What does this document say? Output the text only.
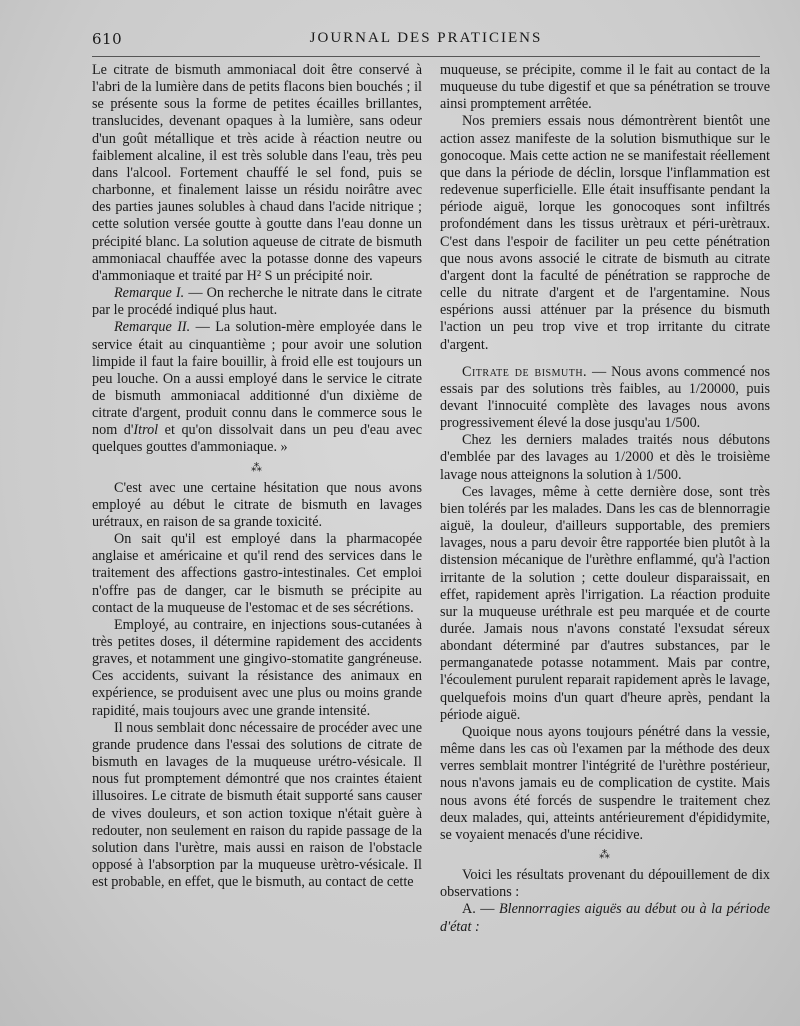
610	JOURNAL DES PRATICIENS

Le citrate de bismuth ammoniacal doit être conservé à l'abri de la lumière dans de petits flacons bien bouchés ; il se présente sous la forme de petites écailles brillantes, translucides, devenant opaques à la lumière, sans odeur d'un goût métallique et très acide à réaction neutre ou faiblement alcaline, il est très soluble dans l'eau, très peu dans l'alcool. Fortement chauffé le sel fond, puis se charbonne, et finalement laisse un résidu noirâtre avec des parties jaunes solubles à chaud dans l'acide nitrique ; cette solution versée goutte à goutte dans l'eau donne un précipité blanc. La solution aqueuse de citrate de bismuth ammoniacal chauffée avec la potasse donne des vapeurs d'ammoniaque et traité par H² S un précipité noir.

Remarque I. — On recherche le nitrate dans le citrate par le procédé indiqué plus haut.

Remarque II. — La solution-mère employée dans le service était au cinquantième ; pour avoir une solution limpide il faut la faire bouillir, à froid elle est toujours un peu louche. On a aussi employé dans le service le citrate de bismuth ammoniacal additionné d'un dixième de citrate d'argent, produit connu dans le commerce sous le nom d'Itrol et qu'on dissolvait dans un peu d'eau avec quelques gouttes d'ammoniaque. »

⁂

C'est avec une certaine hésitation que nous avons employé au début le citrate de bismuth en lavages urétraux, en raison de sa grande toxicité.

On sait qu'il est employé dans la pharmacopée anglaise et américaine et qu'il rend des services dans le traitement des affections gastro-intestinales. Cet emploi n'offre pas de danger, car le bismuth se précipite au contact de la muqueuse de l'estomac et de ses sécrétions.

Employé, au contraire, en injections sous-cutanées à très petites doses, il détermine rapidement des accidents graves, et notamment une gingivo-stomatite gangréneuse. Ces accidents, suivant la résistance des animaux en expérience, se produisent avec une plus ou moins grande rapidité, mais toujours avec une grande intensité.

Il nous semblait donc nécessaire de procéder avec une grande prudence dans l'essai des solutions de citrate de bismuth en lavages de la muqueuse urétro-vésicale. Il nous fut promptement démontré que nos craintes étaient illusoires. Le citrate de bismuth était supporté sans causer de vives douleurs, et son action toxique n'était guère à redouter, non seulement en raison du rapide passage de la solution dans l'urètre, mais aussi en raison de l'obstacle opposé à l'absorption par la muqueuse urètro-vésicale. Il est probable, en effet, que le bismuth, au contact de cette

muqueuse, se précipite, comme il le fait au contact de la muqueuse du tube digestif et que sa pénétration se trouve ainsi promptement arrêtée.

Nos premiers essais nous démontrèrent bientôt une action assez manifeste de la solution bismuthique sur le gonocoque. Mais cette action ne se manifestait réellement que dans la période de déclin, lorsque l'inflammation est redevenue superficielle. Elle était insuffisante pendant la période aiguë, lorque les gonocoques sont infiltrés profondément dans les tissus urètraux et péri-urètraux. C'est dans l'espoir de faciliter un peu cette pénétration que nous avons associé le citrate de bismuth au citrate d'argent dont la faculté de pénétration se rapproche de celle du nitrate d'argent et de l'argentamine. Nous espérions aussi atténuer par la présence du bismuth l'action un peu trop vive et trop irritante du citrate d'argent.

Citrate de bismuth. — Nous avons commencé nos essais par des solutions très faibles, au 1/20000, puis devant l'innocuité complète des lavages nous avons progressivement élevé la dose jusqu'au 1/500.

Chez les derniers malades traités nous débutons d'emblée par des lavages au 1/2000 et dès le troisième lavage nous atteignons la solution à 1/500.

Ces lavages, même à cette dernière dose, sont très bien tolérés par les malades. Dans les cas de blennorragie aiguë, la douleur, d'ailleurs supportable, des premiers lavages, nous a paru devoir être rapportée bien plutôt à la distension mécanique de l'urèthre enflammé, qu'à l'action irritante de la solution ; cette douleur disparaissait, en effet, rapidement après l'irrigation. La réaction produite sur la muqueuse uréthrale est peu marquée et de courte durée. Jamais nous n'avons constaté l'exsudat séreux abondant déterminé par d'autres substances, par le permanganatede potasse notamment. Mais par contre, l'écoulement purulent reparait rapidement après le lavage, quelquefois moins d'un quart d'heure après, pendant la période aiguë.

Quoique nous ayons toujours pénétré dans la vessie, même dans les cas où l'examen par la méthode des deux verres semblait montrer l'intégrité de l'urèthre postérieur, nous n'avons jamais eu de complication de cystite. Mais nous avons été forcés de suspendre le traitement chez deux malades, qui, atteints antérieurement d'épididymite, se voyaient menacés d'une récidive.

⁂

Voici les résultats provenant du dépouillement de dix observations :

A. — Blennorragies aiguës au début ou à la période d'état :
